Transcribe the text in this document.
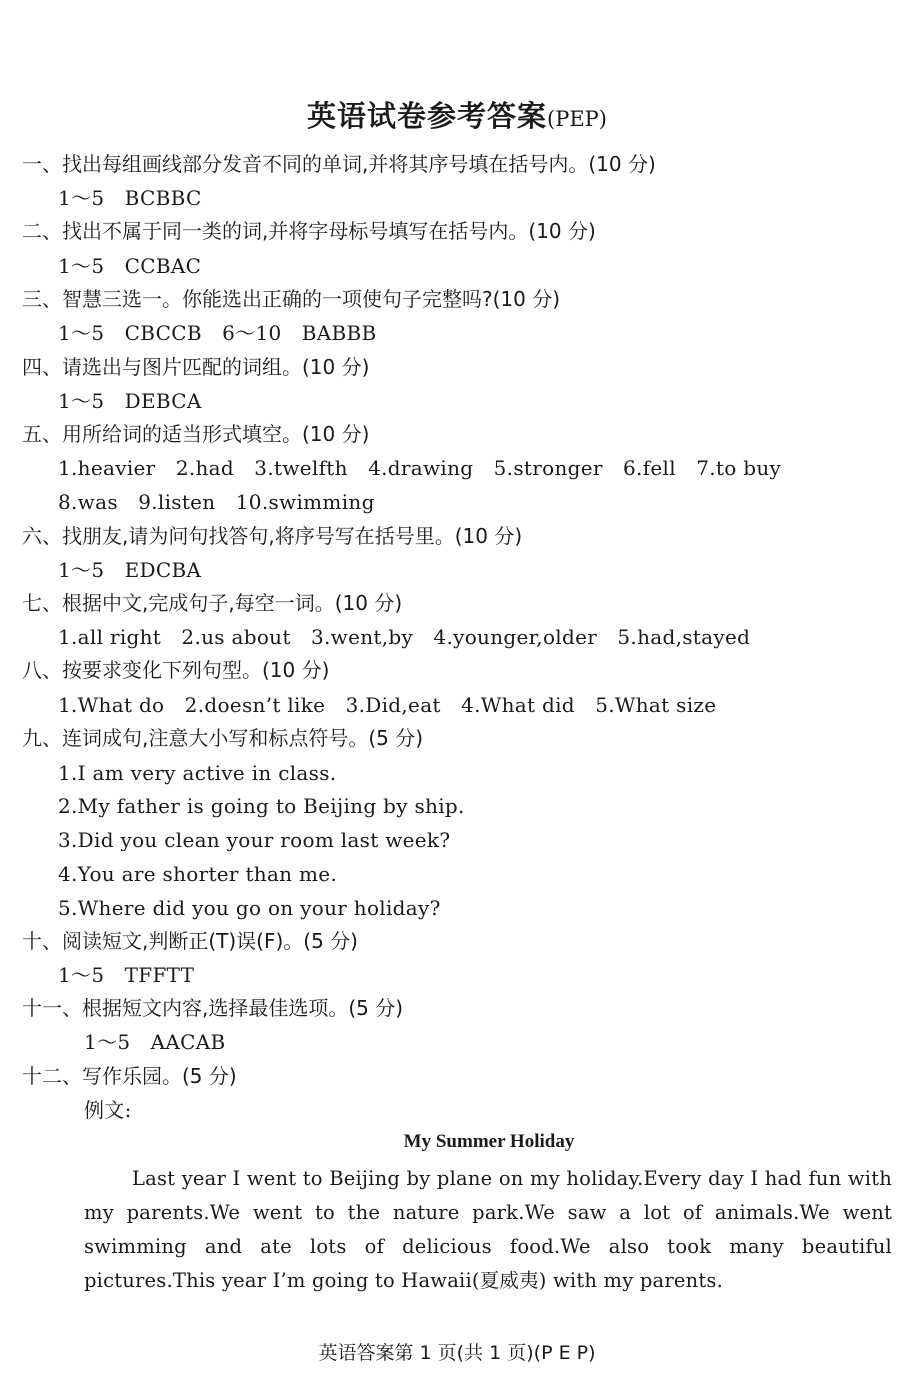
英语试卷参考答案(PEP)
一、找出每组画线部分发音不同的单词,并将其序号填在括号内。(10 分)
1～5　BCBBC
二、找出不属于同一类的词,并将字母标号填写在括号内。(10 分)
1～5　CCBAC
三、智慧三选一。你能选出正确的一项使句子完整吗?(10 分)
1～5　CBCCB　6～10　BABBB
四、请选出与图片匹配的词组。(10 分)
1～5　DEBCA
五、用所给词的适当形式填空。(10 分)
1.heavier　2.had　3.twelfth　4.drawing　5.stronger　6.fell　7.to buy
8.was　9.listen　10.swimming
六、找朋友,请为问句找答句,将序号写在括号里。(10 分)
1～5　EDCBA
七、根据中文,完成句子,每空一词。(10 分)
1.all right　2.us about　3.went,by　4.younger,older　5.had,stayed
八、按要求变化下列句型。(10 分)
1.What do　2.doesn’t like　3.Did,eat　4.What did　5.What size
九、连词成句,注意大小写和标点符号。(5 分)
1.I am very active in class.
2.My father is going to Beijing by ship.
3.Did you clean your room last week?
4.You are shorter than me.
5.Where did you go on your holiday?
十、阅读短文,判断正(T)误(F)。(5 分)
1～5　TFFTT
十一、根据短文内容,选择最佳选项。(5 分)
1～5　AACAB
十二、写作乐园。(5 分)
例文:
My Summer Holiday
Last year I went to Beijing by plane on my holiday.Every day I had fun with my parents.We went to the nature park.We saw a lot of animals.We went swimming and ate lots of delicious food.We also took many beautiful pictures.This year I’m going to Hawaii(夏威夷) with my parents.
英语答案第 1 页(共 1 页)(P E P)
